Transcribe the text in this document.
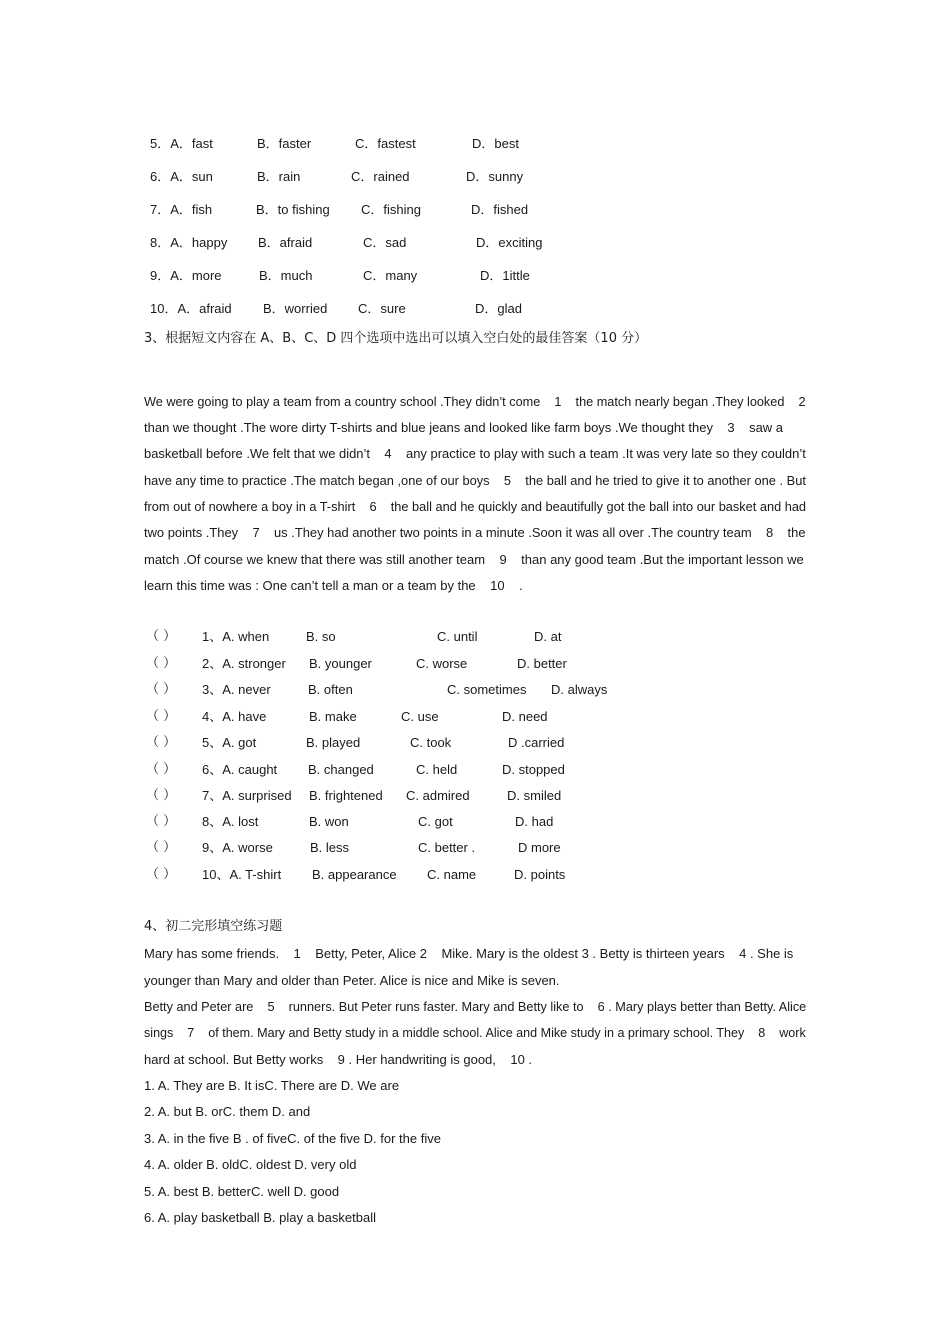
5．A．fast	B．faster	C．fastest	D．best
6．A．sun	B．rain	C．rained	D．sunny
7．A．fish	B．to fishing C．fishing	D．fished
8．A．happy B．afraid	C．sad	D．exciting
9．A．more	B．much	C．many	D．1ittle
10．A．afraid B．worried C．sure	D．glad
3、根据短文内容在 A、B、C、D 四个选项中选出可以填入空白处的最佳答案（10 分）
We were going to play a team from a country school .They didn’t come    1    the match nearly began .They looked    2
than we thought .The wore dirty T-shirts and blue jeans and looked like farm boys .We thought they    3    saw a
basketball before .We felt that we didn’t    4    any practice to play with such a team .It was very late so they couldn’t
have any time to practice .The match began ,one of our boys    5    the ball and he tried to give it to another one . But
from out of nowhere a boy in a T-shirt    6    the ball and he quickly and beautifully got the ball into our basket and had
two points .They    7    us .They had another two points in a minute .Soon it was all over .The country team    8    the
match .Of course we knew that there was still another team    9    than any good team .But the important lesson we
learn this time was : One can’t tell a man or a team by the    10    .
（ ） 1、A. when	B. so	C. until	D. at
（ ） 2、A. stronger B. younger	C. worse	D. better
（ ） 3、A. never	B. often	C. sometimes D. always
（ ） 4、A. have	B. make	C. use	D. need
（ ） 5、A. got	B. played	C. took	D .carried
（ ） 6、A. caught B. changed	C. held	D. stopped
（ ） 7、A. surprised B. frightened C. admired	D. smiled
（ ） 8、A. lost	B. won	C. got	D. had
（ ） 9、A. worse	B. less	C. better .	D more
（ ） 10、A. T-shirt B. appearance C. name	D. points
4、初二完形填空练习题
Mary has some friends.    1    Betty, Peter, Alice 2    Mike. Mary is the oldest 3 . Betty is thirteen years    4 . She is
younger than Mary and older than Peter. Alice is nice and Mike is seven.
Betty and Peter are    5    runners. But Peter runs faster. Mary and Betty like to    6 . Mary plays better than Betty. Alice
sings    7    of them. Mary and Betty study in a middle school. Alice and Mike study in a primary school. They    8    work
hard at school. But Betty works    9 . Her handwriting is good,    10 .
1. A. They are B. It isC. There are D. We are
2. A. but B. orC. them D. and
3. A. in the five B . of fiveC. of the five D. for the five
4. A. older B. oldC. oldest D. very old
5. A. best B. betterC. well D. good
6. A. play basketball B. play a basketball
